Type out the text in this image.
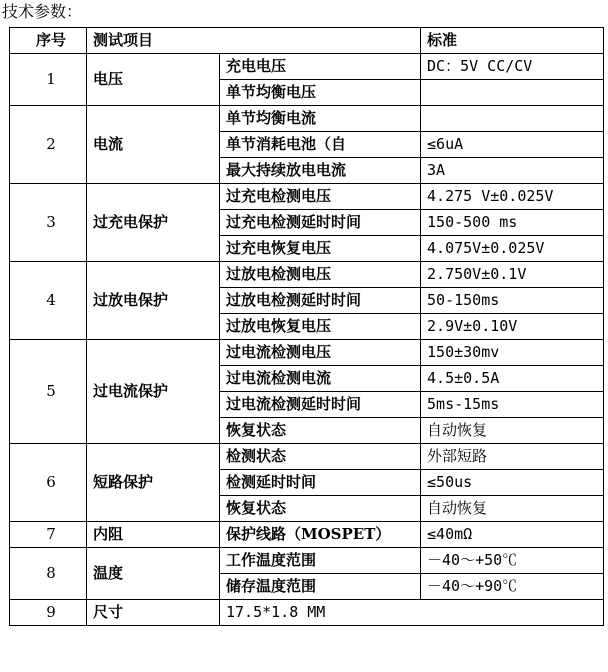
技术参数：
序号	测试项目		标准
1	电压	充电电压	DC：5V CC/CV
		单节均衡电压	
2	电流	单节均衡电流	
		单节消耗电池（自	≤6uA
		最大持续放电电流	3A
3	过充电保护	过充电检测电压	4.275 V±0.025V
		过充电检测延时时间	150-500 ms
		过充电恢复电压	4.075V±0.025V
4	过放电保护	过放电检测电压	2.750V±0.1V
		过放电检测延时时间	50-150ms
		过放电恢复电压	2.9V±0.10V
5	过电流保护	过电流检测电压	150±30mv
		过电流检测电流	4.5±0.5A
		过电流检测延时时间	5ms-15ms
		恢复状态	自动恢复
6	短路保护	检测状态	外部短路
		检测延时时间	≤50us
		恢复状态	自动恢复
7	内阻	保护线路（MOSPET）	≤40mΩ
8	温度	工作温度范围	－40～+50℃
		储存温度范围	－40～+90℃
9	尺寸	17.5*1.8 MM	
